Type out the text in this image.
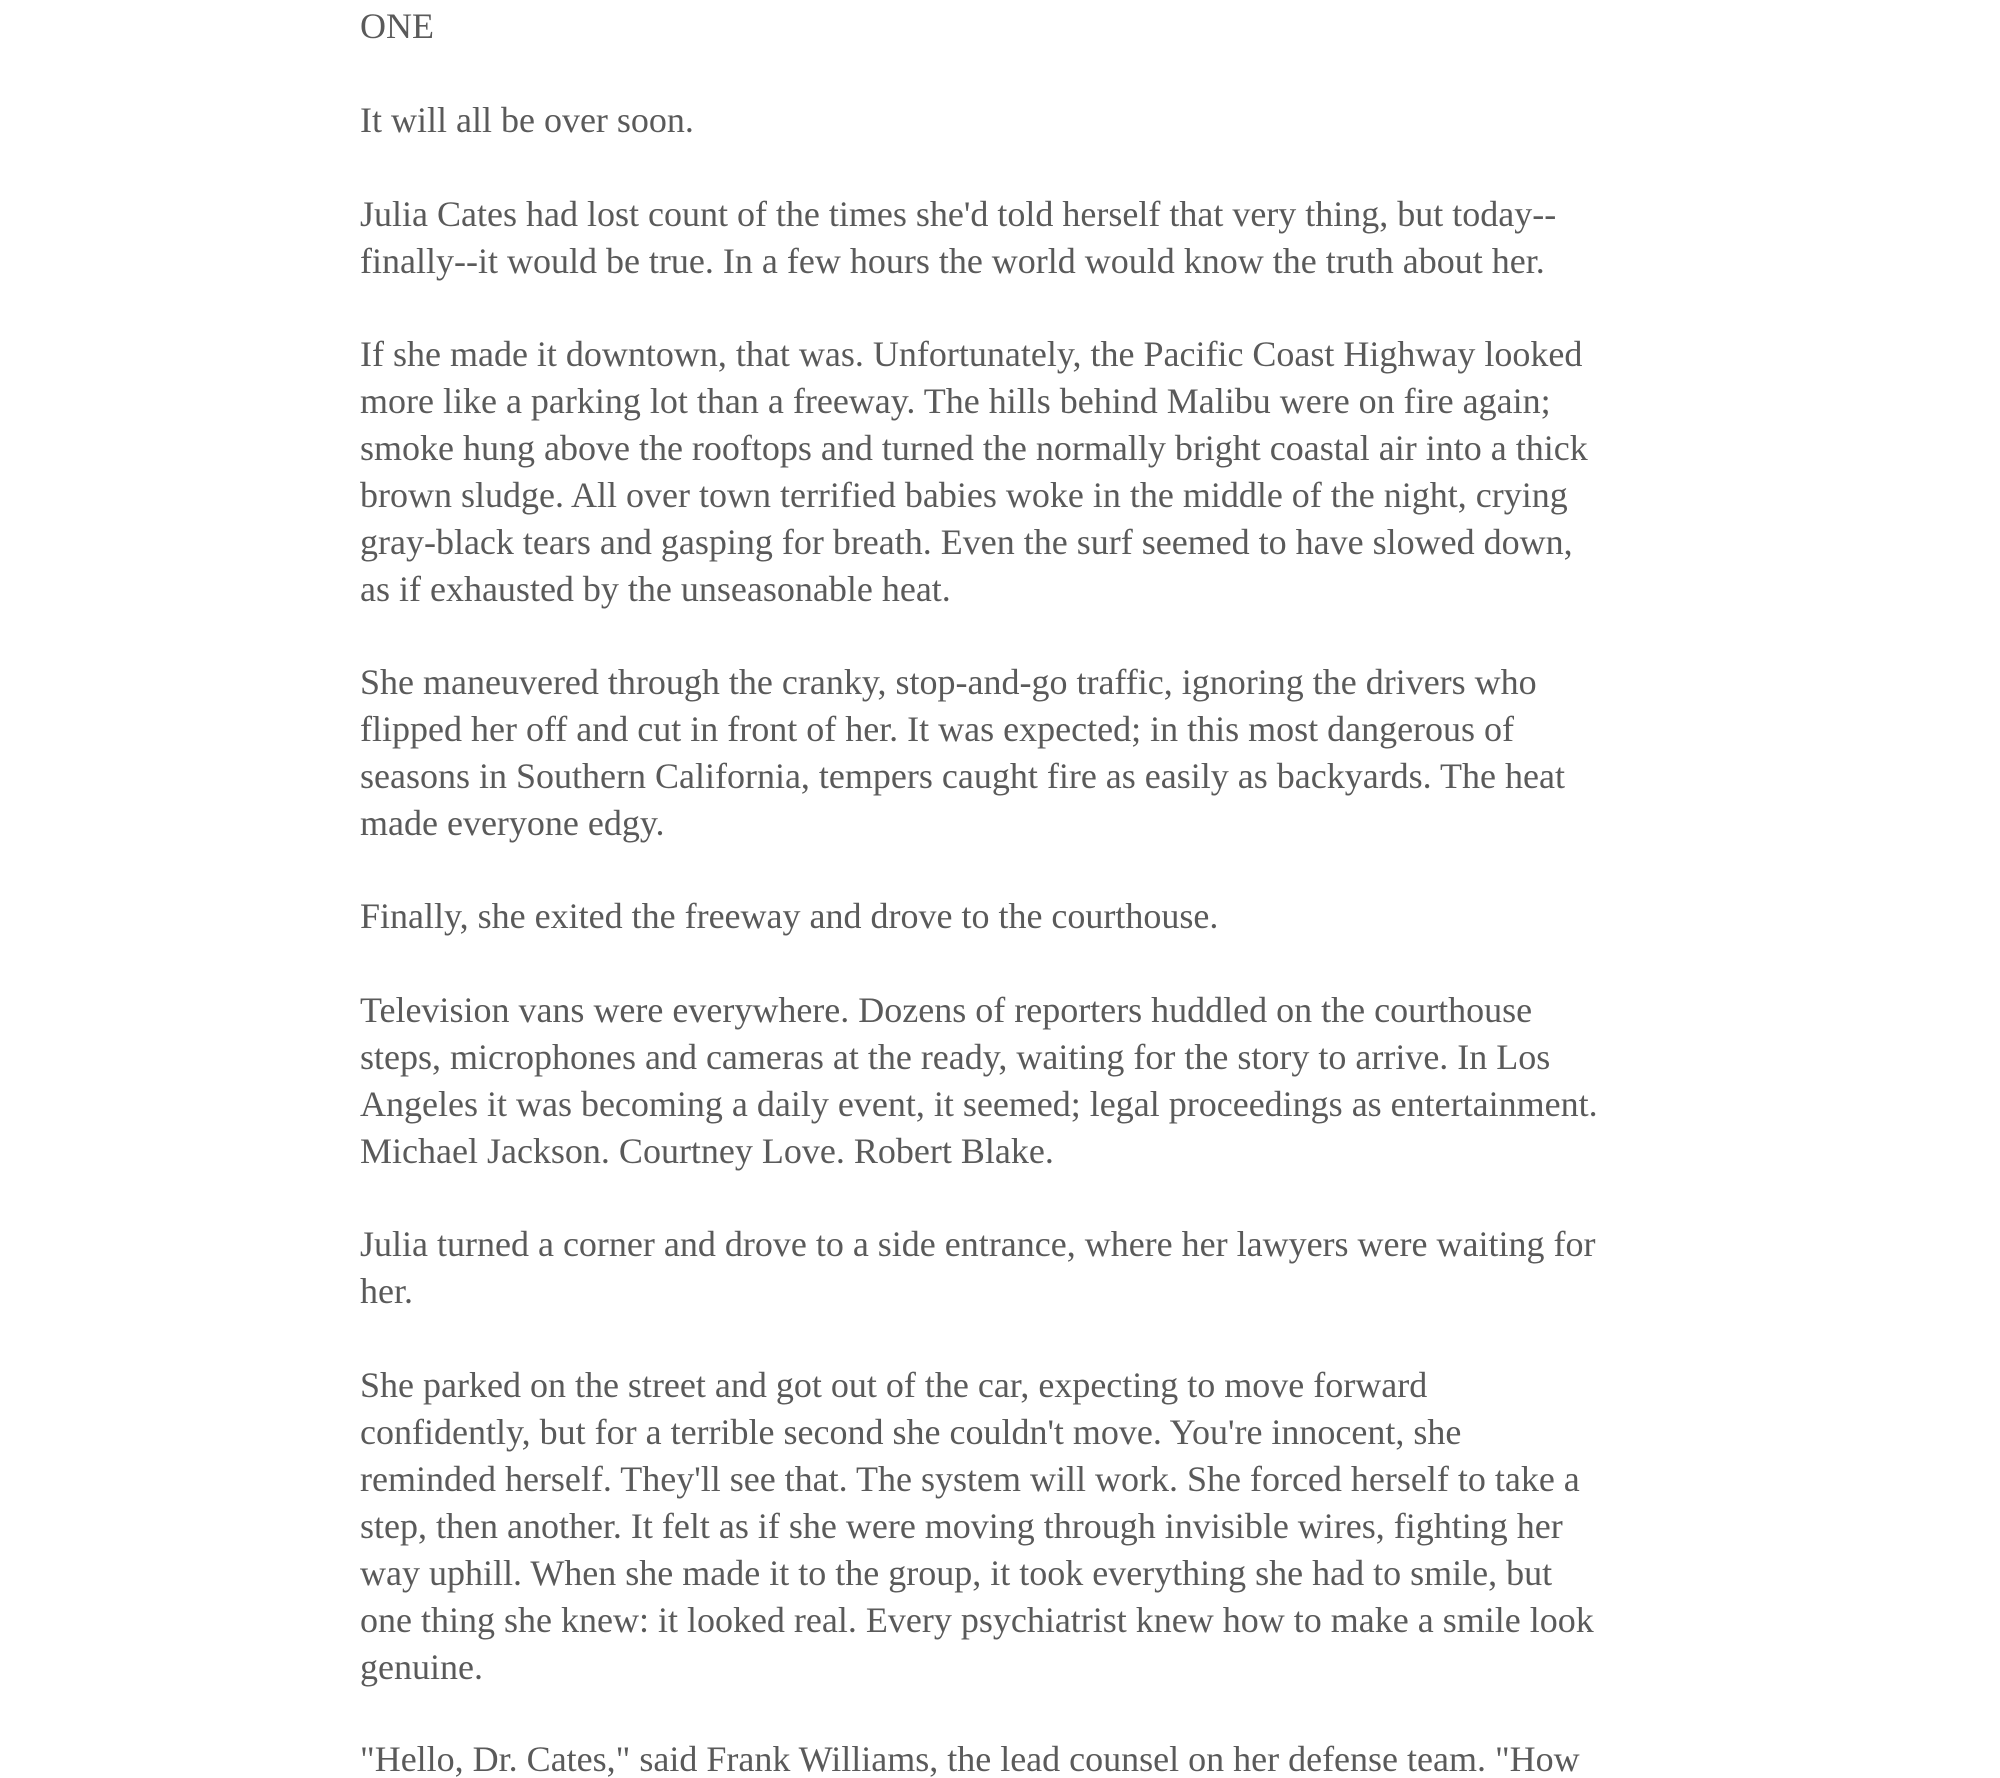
ONE

It will all be over soon.

Julia Cates had lost count of the times she'd told herself that very thing, but today--
finally--it would be true. In a few hours the world would know the truth about her.

If she made it downtown, that was. Unfortunately, the Pacific Coast Highway looked
more like a parking lot than a freeway. The hills behind Malibu were on fire again;
smoke hung above the rooftops and turned the normally bright coastal air into a thick
brown sludge. All over town terrified babies woke in the middle of the night, crying
gray-black tears and gasping for breath. Even the surf seemed to have slowed down,
as if exhausted by the unseasonable heat.

She maneuvered through the cranky, stop-and-go traffic, ignoring the drivers who
flipped her off and cut in front of her. It was expected; in this most dangerous of
seasons in Southern California, tempers caught fire as easily as backyards. The heat
made everyone edgy.

Finally, she exited the freeway and drove to the courthouse.

Television vans were everywhere. Dozens of reporters huddled on the courthouse
steps, microphones and cameras at the ready, waiting for the story to arrive. In Los
Angeles it was becoming a daily event, it seemed; legal proceedings as entertainment.
Michael Jackson. Courtney Love. Robert Blake.

Julia turned a corner and drove to a side entrance, where her lawyers were waiting for
her.

She parked on the street and got out of the car, expecting to move forward
confidently, but for a terrible second she couldn't move. You're innocent, she
reminded herself. They'll see that. The system will work. She forced herself to take a
step, then another. It felt as if she were moving through invisible wires, fighting her
way uphill. When she made it to the group, it took everything she had to smile, but
one thing she knew: it looked real. Every psychiatrist knew how to make a smile look
genuine.

"Hello, Dr. Cates," said Frank Williams, the lead counsel on her defense team. "How
